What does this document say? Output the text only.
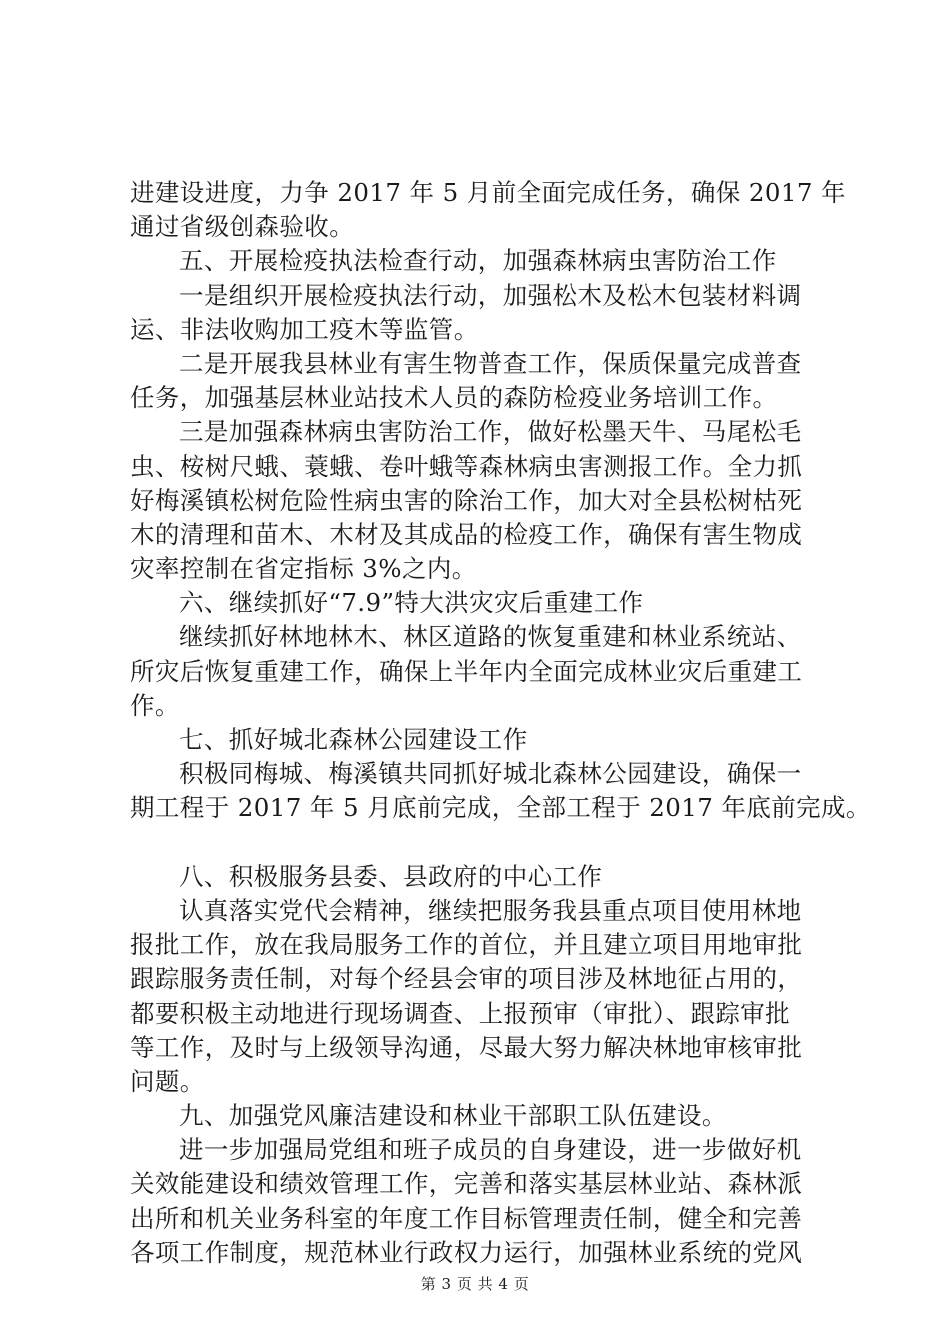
进建设进度，力争 2017 年 5 月前全面完成任务，确保 2017 年
通过省级创森验收。
五、开展检疫执法检查行动，加强森林病虫害防治工作
一是组织开展检疫执法行动，加强松木及松木包装材料调
运、非法收购加工疫木等监管。
二是开展我县林业有害生物普查工作，保质保量完成普查
任务，加强基层林业站技术人员的森防检疫业务培训工作。
三是加强森林病虫害防治工作，做好松墨天牛、马尾松毛
虫、桉树尺蛾、蓑蛾、卷叶蛾等森林病虫害测报工作。全力抓
好梅溪镇松树危险性病虫害的除治工作，加大对全县松树枯死
木的清理和苗木、木材及其成品的检疫工作，确保有害生物成
灾率控制在省定指标 3%之内。
六、继续抓好“7.9”特大洪灾灾后重建工作
继续抓好林地林木、林区道路的恢复重建和林业系统站、
所灾后恢复重建工作，确保上半年内全面完成林业灾后重建工
作。
七、抓好城北森林公园建设工作
积极同梅城、梅溪镇共同抓好城北森林公园建设，确保一
期工程于 2017 年 5 月底前完成，全部工程于 2017 年底前完成。
八、积极服务县委、县政府的中心工作
认真落实党代会精神，继续把服务我县重点项目使用林地
报批工作，放在我局服务工作的首位，并且建立项目用地审批
跟踪服务责任制，对每个经县会审的项目涉及林地征占用的，
都要积极主动地进行现场调查、上报预审（审批）、跟踪审批
等工作，及时与上级领导沟通，尽最大努力解决林地审核审批
问题。
九、加强党风廉洁建设和林业干部职工队伍建设。
进一步加强局党组和班子成员的自身建设，进一步做好机
关效能建设和绩效管理工作，完善和落实基层林业站、森林派
出所和机关业务科室的年度工作目标管理责任制，健全和完善
各项工作制度，规范林业行政权力运行，加强林业系统的党风
第 3 页 共 4 页
